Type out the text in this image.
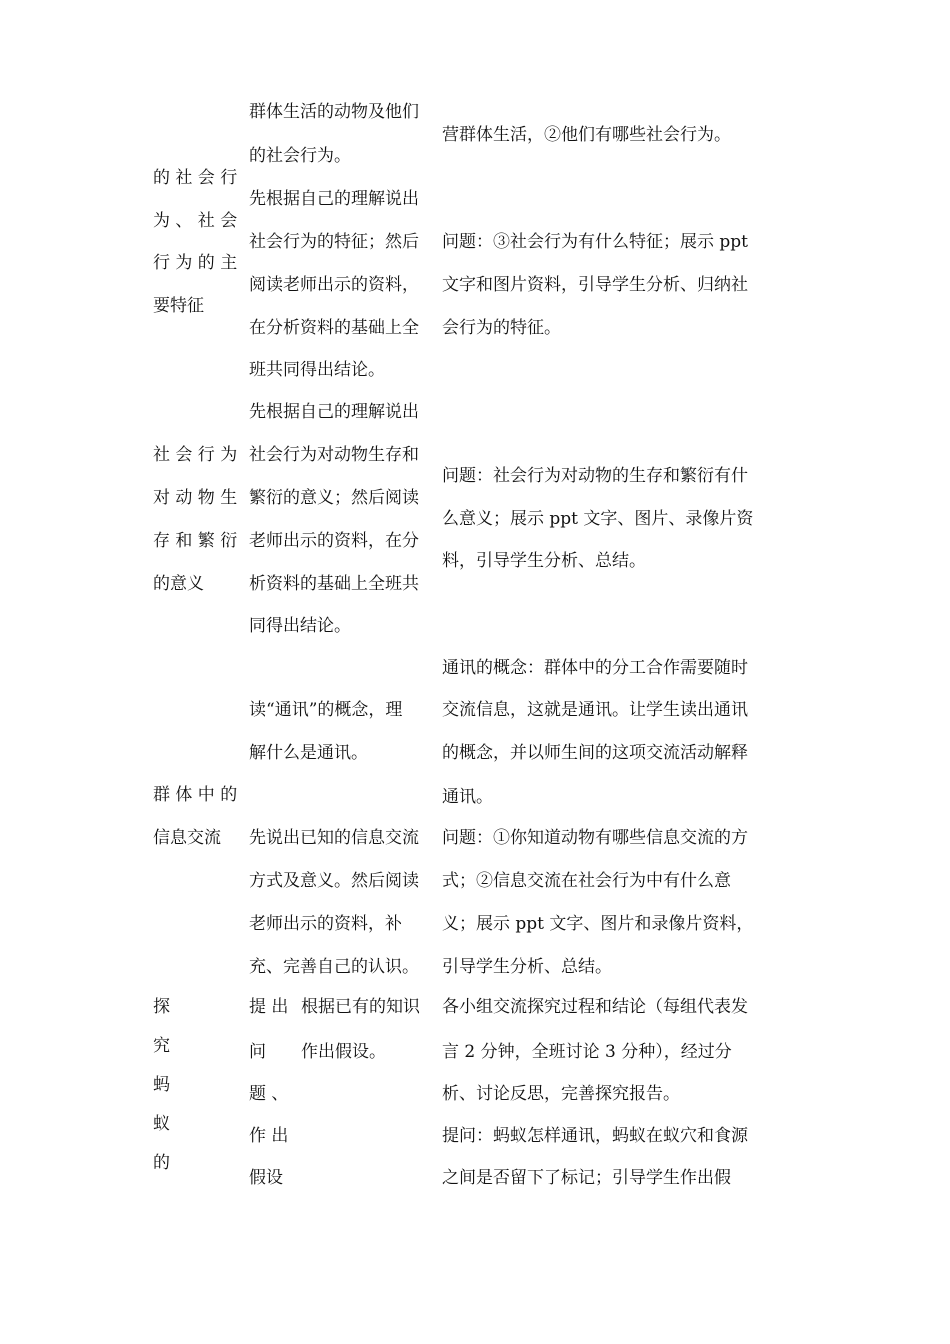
的 社 会 行

为 、 社 会

行 为 的 主

要特征

社 会 行 为

对 动 物 生

存 和 繁 衍

的意义

群 体 中 的

信息交流

探

究

蚂

蚁

的

群体生活的动物及他们

的社会行为。

先根据自己的理解说出

社会行为的特征；然后

阅读老师出示的资料，

在分析资料的基础上全

班共同得出结论。

先根据自己的理解说出

社会行为对动物生存和

繁衍的意义；然后阅读

老师出示的资料，在分

析资料的基础上全班共

同得出结论。

读“通讯”的概念，理

解什么是通讯。

先说出已知的信息交流

方式及意义。然后阅读

老师出示的资料，补

充、完善自己的认识。

提 出

问

题 、

作 出

假设

根据已有的知识

作出假设。

营群体生活，②他们有哪些社会行为。

问题：③社会行为有什么特征；展示 ppt

文字和图片资料，引导学生分析、归纳社

会行为的特征。

问题：社会行为对动物的生存和繁衍有什

么意义；展示 ppt 文字、图片、录像片资

料，引导学生分析、总结。

通讯的概念：群体中的分工合作需要随时

交流信息，这就是通讯。让学生读出通讯

的概念，并以师生间的这项交流活动解释

通讯。

问题：①你知道动物有哪些信息交流的方

式；②信息交流在社会行为中有什么意

义；展示 ppt 文字、图片和录像片资料，

引导学生分析、总结。

各小组交流探究过程和结论（每组代表发

言 2 分钟，全班讨论 3 分种），经过分

析、讨论反思，完善探究报告。

提问：蚂蚁怎样通讯，蚂蚁在蚁穴和食源

之间是否留下了标记；引导学生作出假
